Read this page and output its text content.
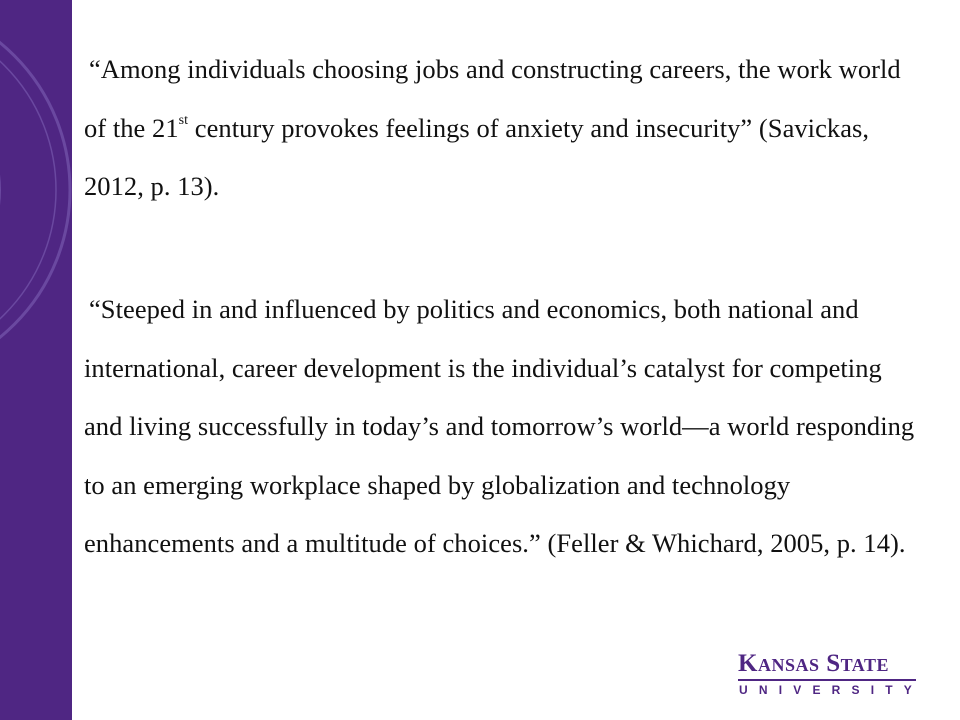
“Among individuals choosing jobs and constructing careers, the work world of the 21st century provokes feelings of anxiety and insecurity” (Savickas, 2012, p. 13).

“Steeped in and influenced by politics and economics, both national and international, career development is the individual’s catalyst for competing and living successfully in today’s and tomorrow’s world—a world responding to an emerging workplace shaped by globalization and technology enhancements and a multitude of choices.” (Feller & Whichard, 2005, p. 14).

Kansas State
UNIVERSITY
